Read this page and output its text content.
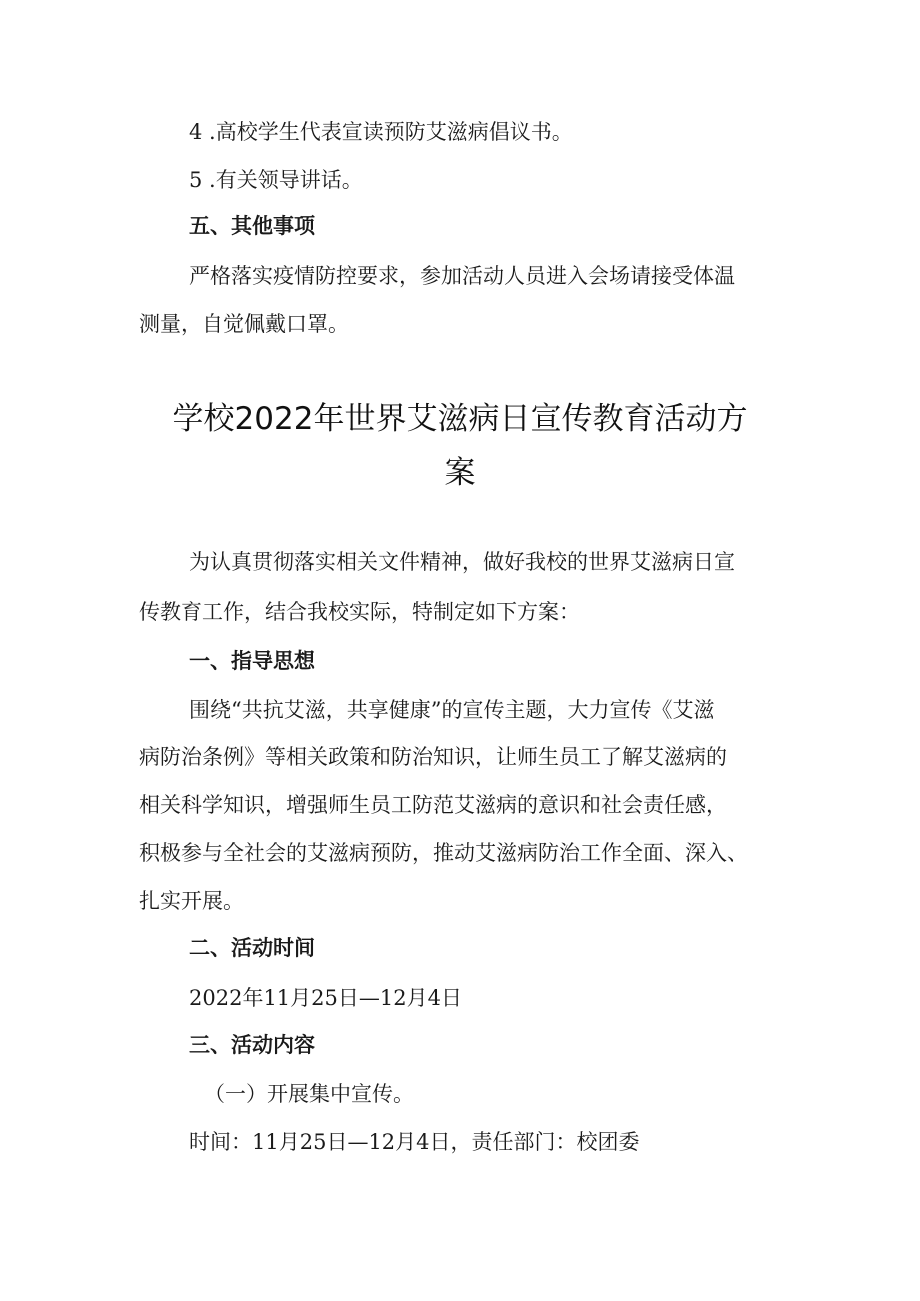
4 .高校学生代表宣读预防艾滋病倡议书。
5 .有关领导讲话。
五、其他事项
严格落实疫情防控要求，参加活动人员进入会场请接受体温
测量，自觉佩戴口罩。
学校2022年世界艾滋病日宣传教育活动方
案
为认真贯彻落实相关文件精神，做好我校的世界艾滋病日宣
传教育工作，结合我校实际，特制定如下方案：
一、指导思想
围绕“共抗艾滋，共享健康”的宣传主题，大力宣传《艾滋
病防治条例》等相关政策和防治知识，让师生员工了解艾滋病的
相关科学知识，增强师生员工防范艾滋病的意识和社会责任感，
积极参与全社会的艾滋病预防，推动艾滋病防治工作全面、深入、
扎实开展。
二、活动时间
2022年11月25日—12月4日
三、活动内容
（一）开展集中宣传。
时间：11月25日—12月4日，责任部门：校团委
